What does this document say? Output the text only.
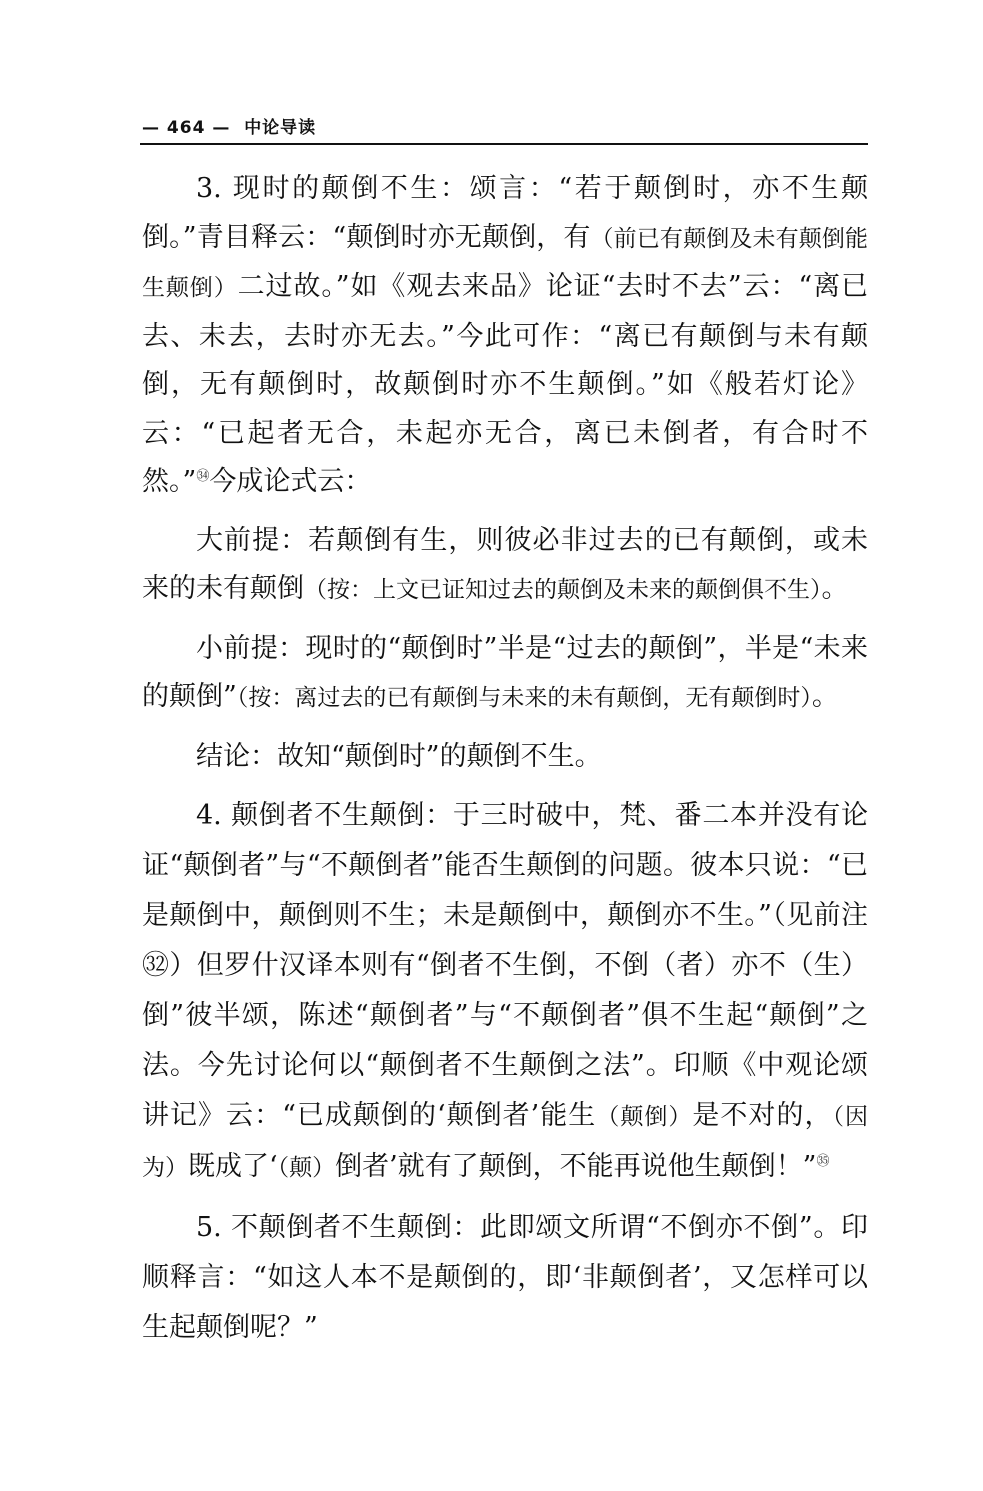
— 464 —  中论导读

3. 现时的颠倒不生：颂言：“若于颠倒时，亦不生颠倒。”青目释云：“颠倒时亦无颠倒，有（前已有颠倒及未有颠倒能生颠倒）二过故。”如《观去来品》论证“去时不去”云：“离已去、未去，去时亦无去。”今此可作：“离已有颠倒与未有颠倒，无有颠倒时，故颠倒时亦不生颠倒。”如《般若灯论》云：“已起者无合，未起亦无合，离已未倒者，有合时不然。”$^㉞$今成论式云：

大前提：若颠倒有生，则彼必非过去的已有颠倒，或未来的未有颠倒（按：上文已证知过去的颠倒及未来的颠倒俱不生）。

小前提：现时的“颠倒时”半是“过去的颠倒”，半是“未来的颠倒”（按：离过去的已有颠倒与未来的未有颠倒，无有颠倒时）。

结论：故知“颠倒时”的颠倒不生。

4. 颠倒者不生颠倒：于三时破中，梵、番二本并没有论证“颠倒者”与“不颠倒者”能否生颠倒的问题。彼本只说：“已是颠倒中，颠倒则不生；未是颠倒中，颠倒亦不生。”（见前注㉜）但罗什汉译本则有“倒者不生倒，不倒（者）亦不（生）倒”彼半颂，陈述“颠倒者”与“不颠倒者”俱不生起“颠倒”之法。今先讨论何以“颠倒者不生颠倒之法”。印顺《中观论颂讲记》云：“已成颠倒的‘颠倒者’能生（颠倒）是不对的，（因为）既成了‘（颠）倒者’就有了颠倒，不能再说他生颠倒！”$^㉟$

5. 不颠倒者不生颠倒：此即颂文所谓“不倒亦不倒”。印顺释言：“如这人本不是颠倒的，即‘非颠倒者’，又怎样可以生起颠倒呢？”
